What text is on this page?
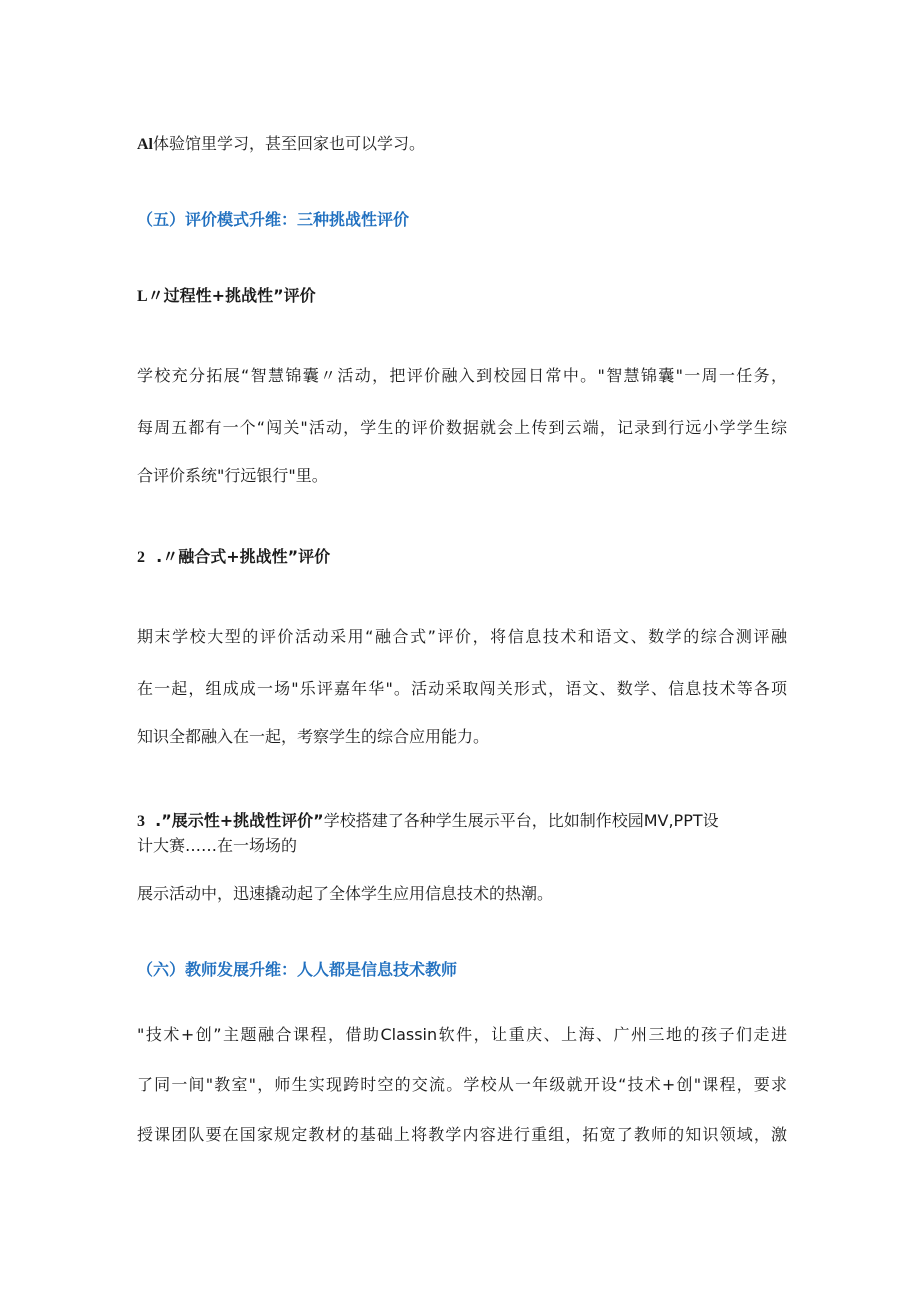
Al体验馆里学习，甚至回家也可以学习。
（五）评价模式升维：三种挑战性评价
L〃过程性+挑战性”评价
学校充分拓展“智慧锦囊〃活动，把评价融入到校园日常中。"智慧锦囊"一周一任务，
每周五都有一个“闯关"活动，学生的评价数据就会上传到云端，记录到行远小学学生综
合评价系统"行远银行"里。
2 .〃融合式+挑战性”评价
期末学校大型的评价活动采用“融合式”评价，将信息技术和语文、数学的综合测评融
在一起，组成成一场"乐评嘉年华"。活动采取闯关形式，语文、数学、信息技术等各项
知识全都融入在一起，考察学生的综合应用能力。
3 .”展示性+挑战性评价”学校搭建了各种学生展示平台，比如制作校园MV,PPT设
计大赛……在一场场的
展示活动中，迅速撬动起了全体学生应用信息技术的热潮。
（六）教师发展升维：人人都是信息技术教师
"技术+创”主题融合课程，借助Classin软件，让重庆、上海、广州三地的孩子们走进
了同一间"教室"，师生实现跨时空的交流。学校从一年级就开设“技术+创"课程，要求
授课团队要在国家规定教材的基础上将教学内容进行重组，拓宽了教师的知识领域，激
